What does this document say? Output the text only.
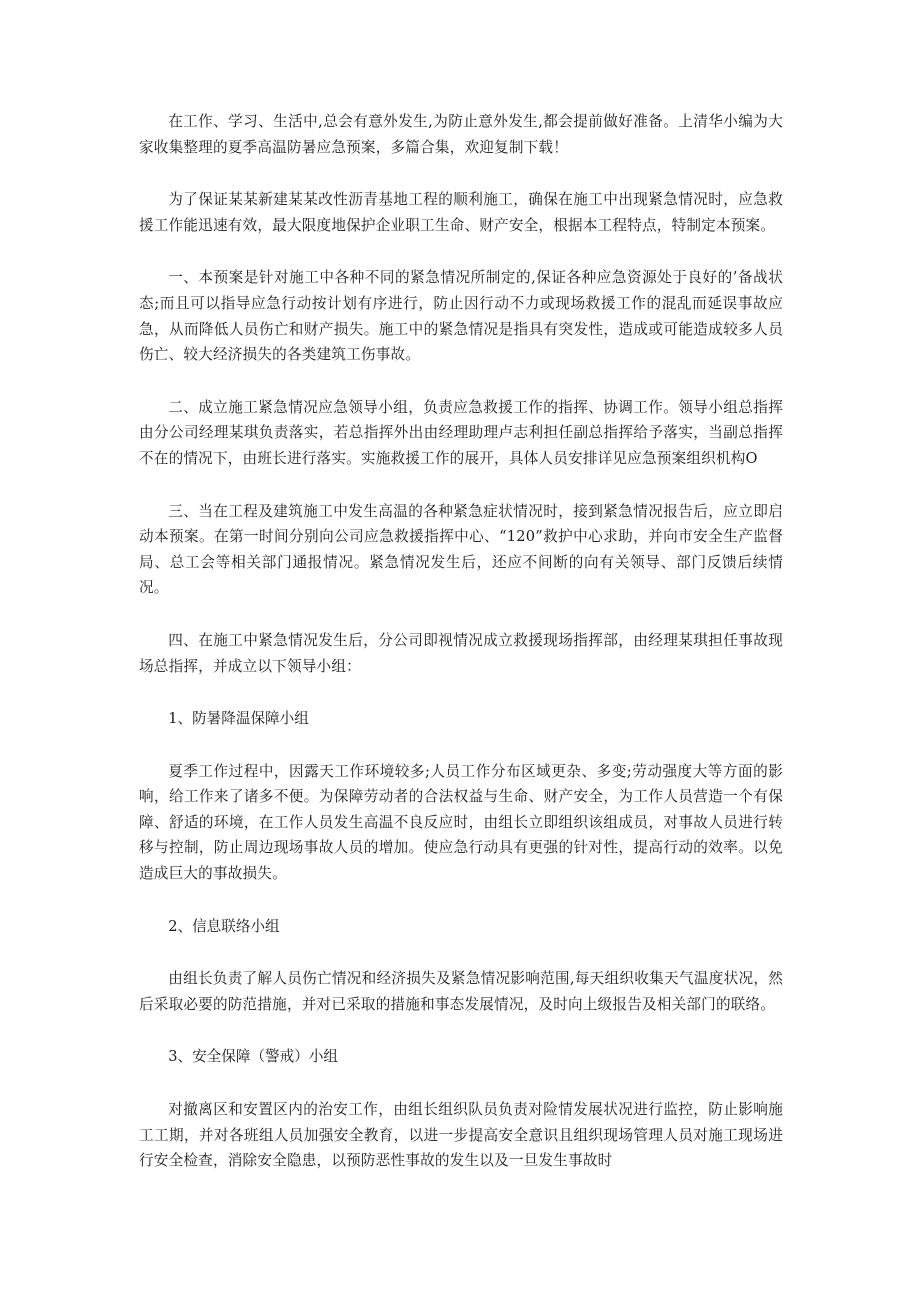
在工作、学习、生活中,总会有意外发生,为防止意外发生,都会提前做好准备。上清华小编为大家收集整理的夏季高温防暑应急预案，多篇合集，欢迎复制下载！

为了保证某某新建某某改性沥青基地工程的顺利施工，确保在施工中出现紧急情况时，应急救援工作能迅速有效，最大限度地保护企业职工生命、财产安全，根据本工程特点，特制定本预案。

一、本预案是针对施工中各种不同的紧急情况所制定的,保证各种应急资源处于良好的’备战状态;而且可以指导应急行动按计划有序进行，防止因行动不力或现场救援工作的混乱而延误事故应急，从而降低人员伤亡和财产损失。施工中的紧急情况是指具有突发性，造成或可能造成较多人员伤亡、较大经济损失的各类建筑工伤事故。

二、成立施工紧急情况应急领导小组，负责应急救援工作的指挥、协调工作。领导小组总指挥由分公司经理某琪负责落实，若总指挥外出由经理助理卢志利担任副总指挥给予落实，当副总指挥不在的情况下，由班长进行落实。实施救援工作的展开，具体人员安排详见应急预案组织机构O

三、当在工程及建筑施工中发生高温的各种紧急症状情况时，接到紧急情况报告后，应立即启动本预案。在第一时间分别向公司应急救援指挥中心、“120”救护中心求助，并向市安全生产监督局、总工会等相关部门通报情况。紧急情况发生后，还应不间断的向有关领导、部门反馈后续情况。

四、在施工中紧急情况发生后，分公司即视情况成立救援现场指挥部，由经理某琪担任事故现场总指挥，并成立以下领导小组：

1、防暑降温保障小组

夏季工作过程中，因露天工作环境较多;人员工作分布区域更杂、多变;劳动强度大等方面的影响，给工作来了诸多不便。为保障劳动者的合法权益与生命、财产安全，为工作人员营造一个有保障、舒适的环境，在工作人员发生高温不良反应时，由组长立即组织该组成员，对事故人员进行转移与控制，防止周边现场事故人员的增加。使应急行动具有更强的针对性，提高行动的效率。以免造成巨大的事故损失。

2、信息联络小组

由组长负责了解人员伤亡情况和经济损失及紧急情况影响范围,每天组织收集天气温度状况，然后采取必要的防范措施，并对已采取的措施和事态发展情况，及时向上级报告及相关部门的联络。

3、安全保障（警戒）小组

对撤离区和安置区内的治安工作，由组长组织队员负责对险情发展状况进行监控，防止影响施工工期，并对各班组人员加强安全教育，以进一步提高安全意识且组织现场管理人员对施工现场进行安全检查，消除安全隐患，以预防恶性事故的发生以及一旦发生事故时
